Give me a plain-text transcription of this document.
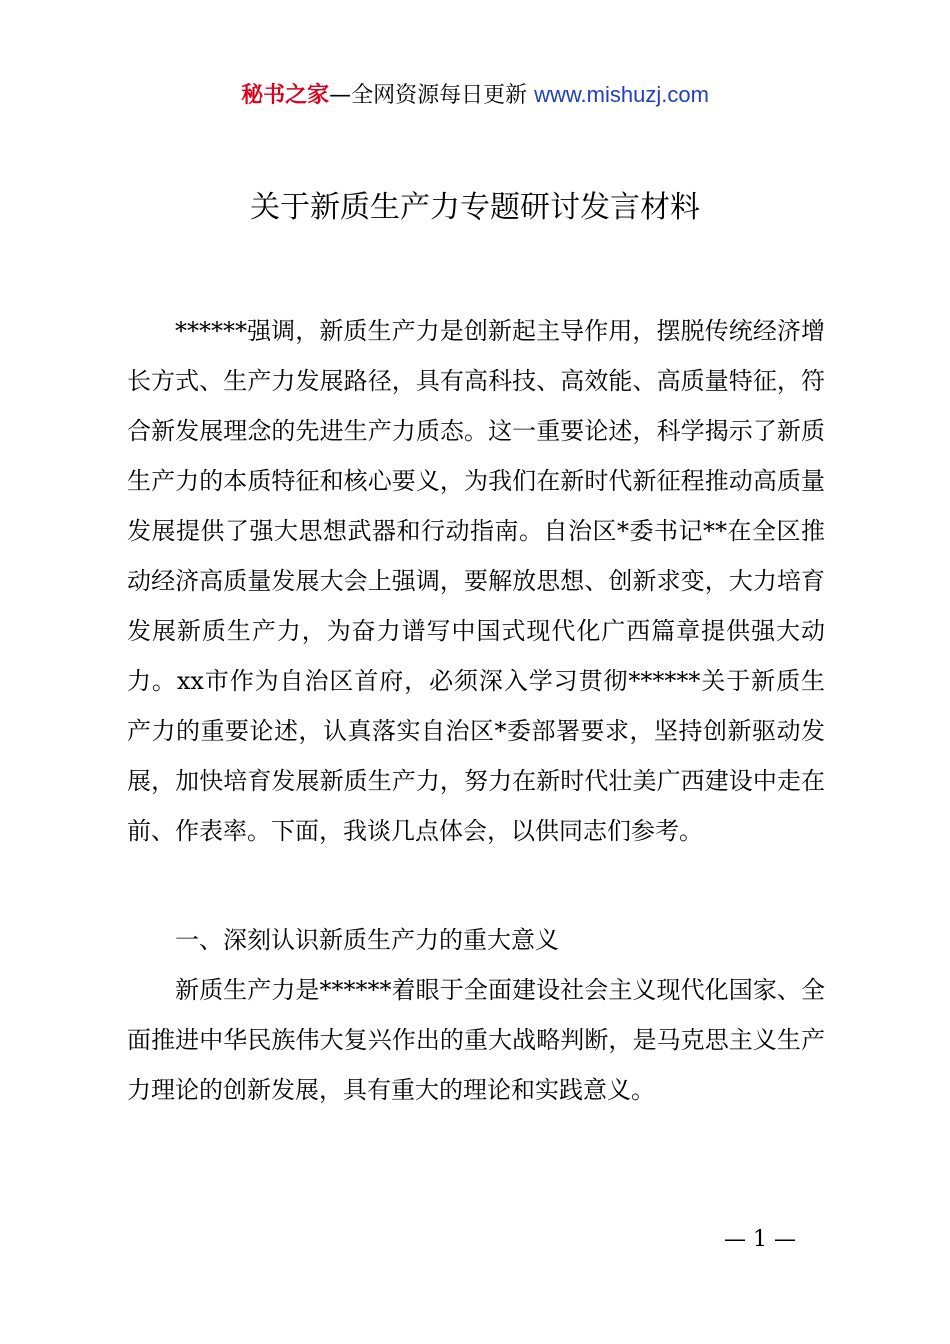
秘书之家—全网资源每日更新 www.mishuzj.com
关于新质生产力专题研讨发言材料

******强调，新质生产力是创新起主导作用，摆脱传统经济增长方式、生产力发展路径，具有高科技、高效能、高质量特征，符合新发展理念的先进生产力质态。这一重要论述，科学揭示了新质生产力的本质特征和核心要义，为我们在新时代新征程推动高质量发展提供了强大思想武器和行动指南。自治区*委书记**在全区推动经济高质量发展大会上强调，要解放思想、创新求变，大力培育发展新质生产力，为奋力谱写中国式现代化广西篇章提供强大动力。xx市作为自治区首府，必须深入学习贯彻******关于新质生产力的重要论述，认真落实自治区*委部署要求，坚持创新驱动发展，加快培育发展新质生产力，努力在新时代壮美广西建设中走在前、作表率。下面，我谈几点体会，以供同志们参考。

一、深刻认识新质生产力的重大意义

新质生产力是******着眼于全面建设社会主义现代化国家、全面推进中华民族伟大复兴作出的重大战略判断，是马克思主义生产力理论的创新发展，具有重大的理论和实践意义。

— 1 —
